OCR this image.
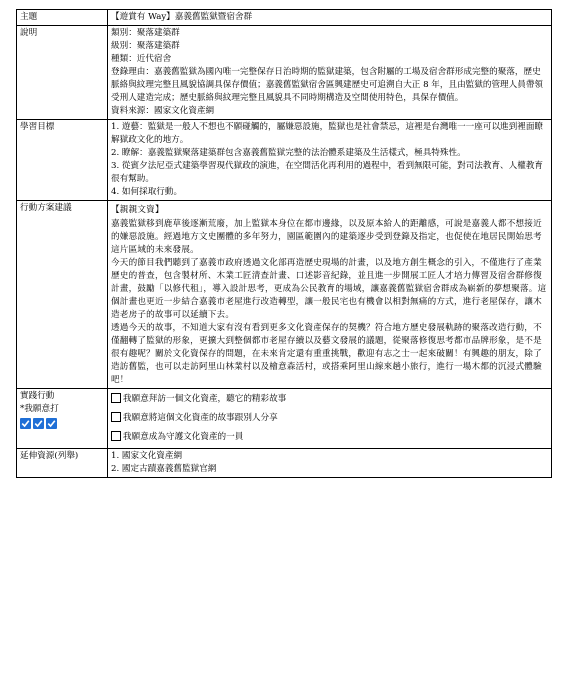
主題	【遊賞有 Way】嘉義舊監獄暨宿舍群
說明	類別：聚落建築群
級別：聚落建築群
種類：近代宿舍
登錄理由：嘉義舊監獄為國內唯一完整保存日治時期的監獄建築，包含附屬的工場及宿舍群形成完整的聚落，歷史脈絡與紋理完整且風貌協調具保存價值；嘉義舊監獄宿舍區興建歷史可追溯自大正 8 年，且由監獄的管理人員帶領受刑人建造完成；歷史脈絡與紋理完整且風貌具不同時期構造及空間使用特色，具保存價值。
資料來源：國家文化資產網

學習目標	1. 遊藝：監獄是一般人不想也不願碰觸的，屬嫌惡設施，監獄也是社會禁忌，這裡是台灣唯一一座可以進到裡面瞭解獄政文化的地方。
2. 瞭解：嘉義監獄聚落建築群包含嘉義舊監獄完整的法治體系建築及生活樣式，極具特殊性。
3. 從賓夕法尼亞式建築學習現代獄政的演進，在空間活化再利用的過程中，看到無限可能，對司法教育、人權教育很有幫助。
4. 如何採取行動。

行動方案建議	【親親文資】
嘉義監獄移到鹿草後逐漸荒廢，加上監獄本身位在都市邊緣，以及原本給人的距離感，可說是嘉義人都不想接近的嫌惡設施。經過地方文史團體的多年努力，園區範圍內的建築逐步受到登錄及指定，也促使在地居民開始思考這片區域的未來發展。
今天的節目我們聽到了嘉義市政府透過文化部再造歷史現場的計畫，以及地方創生概念的引入，不僅進行了產業歷史的普查，包含製材所、木業工匠清查計畫、口述影音紀錄，並且進一步開展工匠人才培力傳習及宿舍群修復計畫，鼓勵「以修代租」，導入設計思考，更成為公民教育的場域，讓嘉義舊監獄宿舍群成為嶄新的夢想聚落。這個計畫也更近一步結合嘉義市老屋進行改造轉型，讓一般民宅也有機會以相對無痛的方式，進行老屋保存，讓木造老房子的故事可以延續下去。
透過今天的故事，不知道大家有沒有看到更多文化資產保存的契機？符合地方歷史發展軌跡的聚落改造行動，不僅翻轉了監獄的形象，更擴大到整個都市老屋存續以及藝文發展的議題，從聚落修復思考都市品牌形象，是不是很有趣呢？關於文化資保存的問題，在未來肯定還有重重挑戰，歡迎有志之士一起來破關！有興趣的朋友，除了造訪舊監，也可以走訪阿里山林業村以及檜意森活村，或搭乘阿里山線來趟小旅行，進行一場木都的沉浸式體驗吧！

實踐行動
*我願意打	我願意拜訪一個文化資產，聽它的精彩故事
我願意將這個文化資產的故事跟別人分享
我願意成為守護文化資產的一員

延伸資源(列舉)	1. 國家文化資產網
2. 國定古蹟嘉義舊監獄官網
